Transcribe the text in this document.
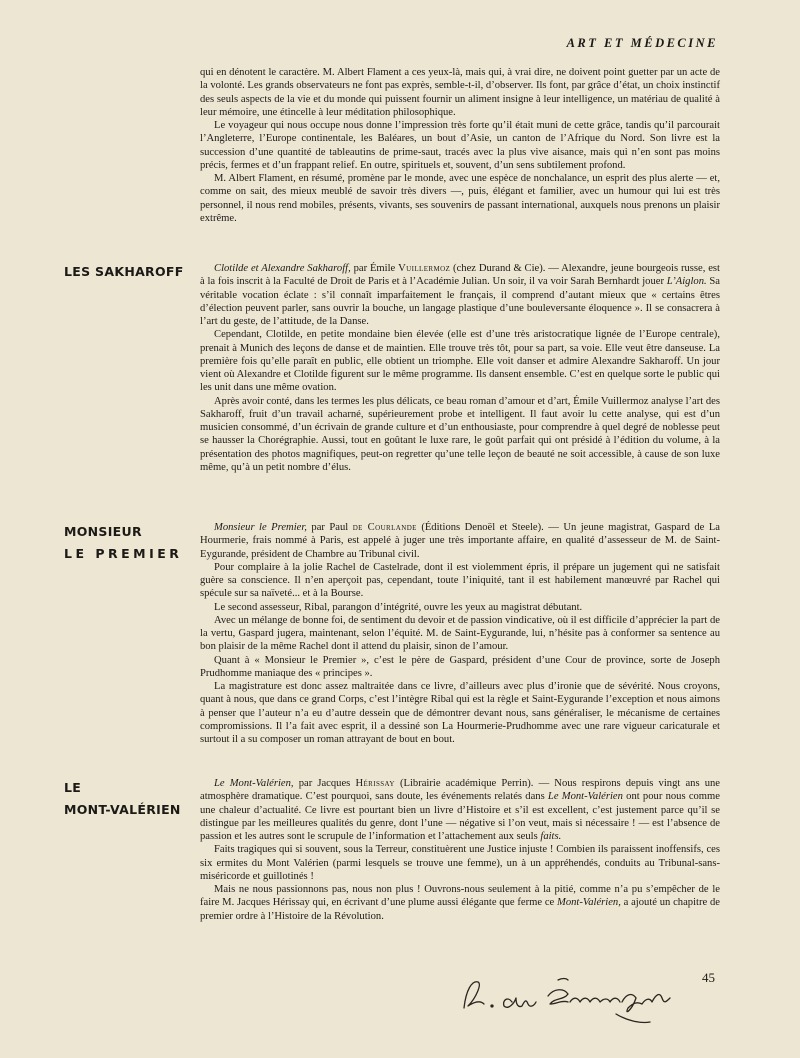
ART ET MÉDECINE

qui en dénotent le caractère. M. Albert Flament a ces yeux-là, mais qui, à vrai dire, ne doivent point guetter par un acte de la volonté. Les grands observateurs ne font pas exprès, semble-t-il, d’observer. Ils font, par grâce d’état, un choix instinctif des seuls aspects de la vie et du monde qui puissent fournir un aliment insigne à leur intelligence, un matériau de qualité à leur mémoire, une étincelle à leur méditation philosophique.

Le voyageur qui nous occupe nous donne l’impression très forte qu’il était muni de cette grâce, tandis qu’il parcourait l’Angleterre, l’Europe continentale, les Baléares, un bout d’Asie, un canton de l’Afrique du Nord. Son livre est la succession d’une quantité de tableautins de prime-saut, tracés avec la plus vive aisance, mais qui n’en sont pas moins précis, fermes et d’un frappant relief. En outre, spirituels et, souvent, d’un sens subtilement profond.

M. Albert Flament, en résumé, promène par le monde, avec une espèce de nonchalance, un esprit des plus alerte — et, comme on sait, des mieux meublé de savoir très divers —, puis, élégant et familier, avec un humour qui lui est très personnel, il nous rend mobiles, présents, vivants, ses souvenirs de passant international, auxquels nous prenons un plaisir extrême.

LES SAKHAROFF	Clotilde et Alexandre Sakharoff, par Émile Vuillermoz (chez Durand & Cie). — Alexandre, jeune bourgeois russe, est à la fois inscrit à la Faculté de Droit de Paris et à l’Académie Julian. Un soir, il va voir Sarah Bernhardt jouer L’Aiglon. Sa véritable vocation éclate : s’il connaît imparfaitement le français, il comprend d’autant mieux que « certains êtres d’élection peuvent parler, sans ouvrir la bouche, un langage plastique d’une bouleversante éloquence ». Il se consacrera à l’art du geste, de l’attitude, de la Danse.

Cependant, Clotilde, en petite mondaine bien élevée (elle est d’une très aristocratique lignée de l’Europe centrale), prenait à Munich des leçons de danse et de maintien. Elle trouve très tôt, pour sa part, sa voie. Elle veut être danseuse. La première fois qu’elle paraît en public, elle obtient un triomphe. Elle voit danser et admire Alexandre Sakharoff. Un jour vient où Alexandre et Clotilde figurent sur le même programme. Ils dansent ensemble. C’est en quelque sorte le public qui les unit dans une même ovation.

Après avoir conté, dans les termes les plus délicats, ce beau roman d’amour et d’art, Émile Vuillermoz analyse l’art des Sakharoff, fruit d’un travail acharné, supérieurement probe et intelligent. Il faut avoir lu cette analyse, qui est d’un musicien consommé, d’un écrivain de grande culture et d’un enthousiaste, pour comprendre à quel degré de noblesse peut se hausser la Chorégraphie. Aussi, tout en goûtant le luxe rare, le goût parfait qui ont présidé à l’édition du volume, à la présentation des photos magnifiques, peut-on regretter qu’une telle leçon de beauté ne soit accessible, à cause de son luxe même, qu’à un petit nombre d’élus.

MONSIEUR
LE PREMIER

Monsieur le Premier, par Paul de Courlande (Éditions Denoël et Steele). — Un jeune magistrat, Gaspard de La Hourmerie, frais nommé à Paris, est appelé à juger une très importante affaire, en qualité d’assesseur de M. de Saint-Eygurande, président de Chambre au Tribunal civil.

Pour complaire à la jolie Rachel de Castelrade, dont il est violemment épris, il prépare un jugement qui ne satisfait guère sa conscience. Il n’en aperçoit pas, cependant, toute l’iniquité, tant il est habilement manœuvré par Rachel qui spécule sur sa naïveté... et à la Bourse.

Le second assesseur, Ribal, parangon d’intégrité, ouvre les yeux au magistrat débutant.

Avec un mélange de bonne foi, de sentiment du devoir et de passion vindicative, où il est difficile d’apprécier la part de la vertu, Gaspard jugera, maintenant, selon l’équité. M. de Saint-Eygurande, lui, n’hésite pas à conformer sa sentence au bon plaisir de la même Rachel dont il attend du plaisir, sinon de l’amour.

Quant à « Monsieur le Premier », c’est le père de Gaspard, président d’une Cour de province, sorte de Joseph Prudhomme maniaque des « principes ».

La magistrature est donc assez maltraitée dans ce livre, d’ailleurs avec plus d’ironie que de sévérité. Nous croyons, quant à nous, que dans ce grand Corps, c’est l’intègre Ribal qui est la règle et Saint-Eygurande l’exception et nous aimons à penser que l’auteur n’a eu d’autre dessein que de démontrer devant nous, sans généraliser, le mécanisme de certaines compromissions. Il l’a fait avec esprit, il a dessiné son La Hourmerie-Prudhomme avec une rare vigueur caricaturale et surtout il a su composer un roman attrayant de bout en bout.

LE
MONT-VALÉRIEN

Le Mont-Valérien, par Jacques Hérissay (Librairie académique Perrin). — Nous respirons depuis vingt ans une atmosphère dramatique. C’est pourquoi, sans doute, les événements relatés dans Le Mont-Valérien ont pour nous comme une chaleur d’actualité. Ce livre est pourtant bien un livre d’Histoire et s’il est excellent, c’est justement parce qu’il se distingue par les meilleures qualités du genre, dont l’une — négative si l’on veut, mais si nécessaire ! — est l’absence de passion et les autres sont le scrupule de l’information et l’attachement aux seuls faits.

Faits tragiques qui si souvent, sous la Terreur, constituèrent une Justice injuste ! Combien ils paraissent inoffensifs, ces six ermites du Mont Valérien (parmi lesquels se trouve une femme), un à un appréhendés, conduits au Tribunal-sans-miséricorde et guillotinés !

Mais ne nous passionnons pas, nous non plus ! Ouvrons-nous seulement à la pitié, comme n’a pu s’empêcher de le faire M. Jacques Hérissay qui, en écrivant d’une plume aussi élégante que ferme ce Mont-Valérien, a ajouté un chapitre de premier ordre à l’Histoire de la Révolution.

45
